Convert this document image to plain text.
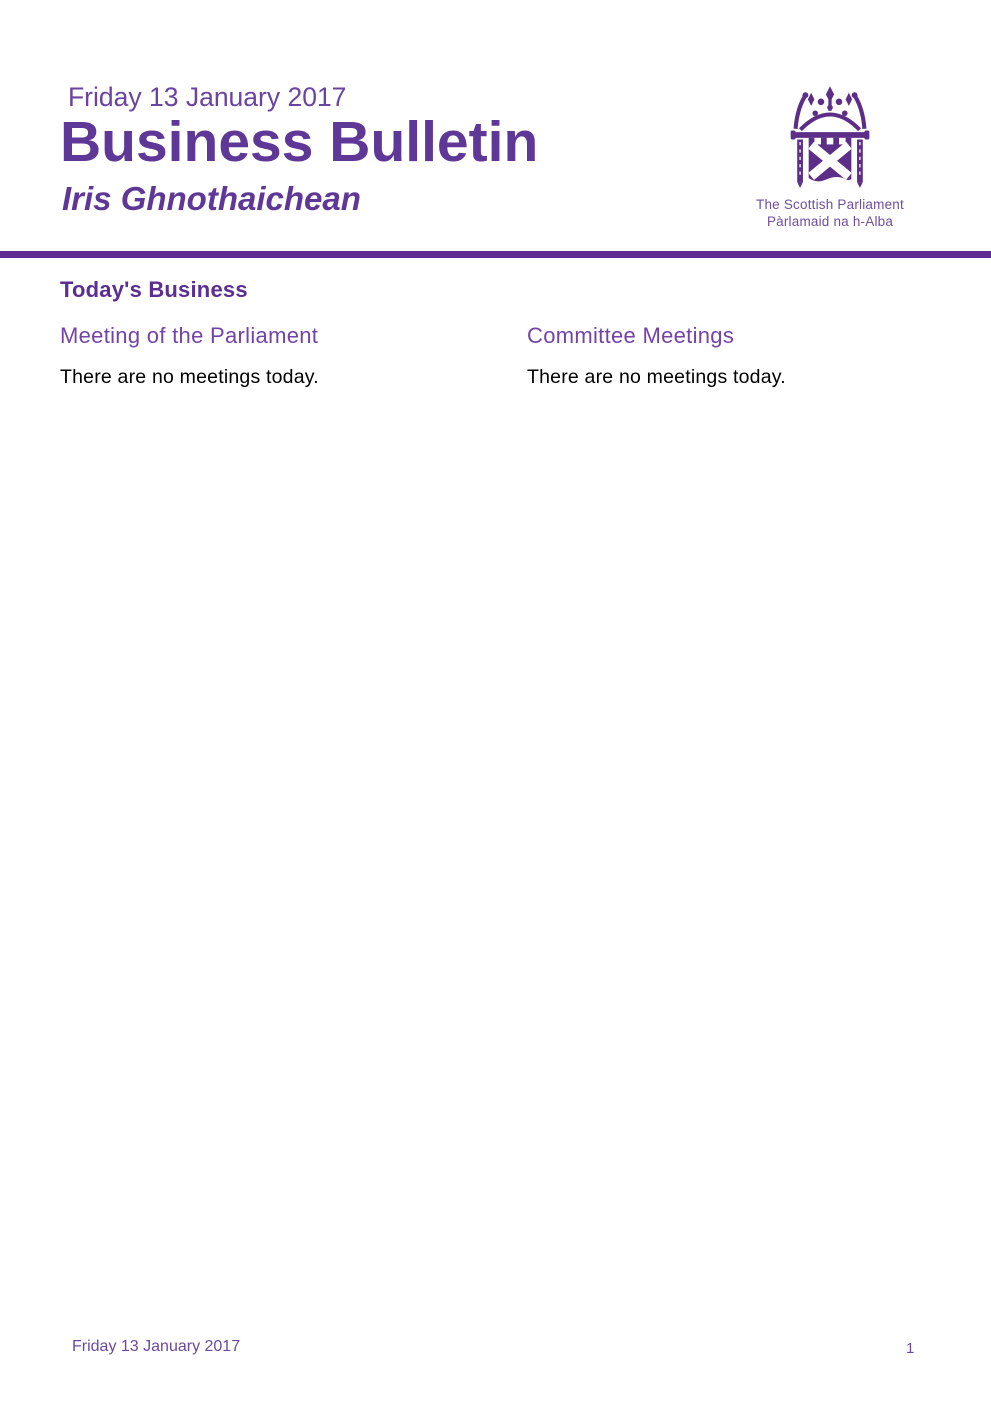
Friday 13 January 2017
Business Bulletin
Iris Ghnothaichean	The Scottish Parliament
Pàrlamaid na h-Alba
Today's Business
Meeting of the Parliament

There are no meetings today.

Committee Meetings

There are no meetings today.

Friday 13 January 2017	1
